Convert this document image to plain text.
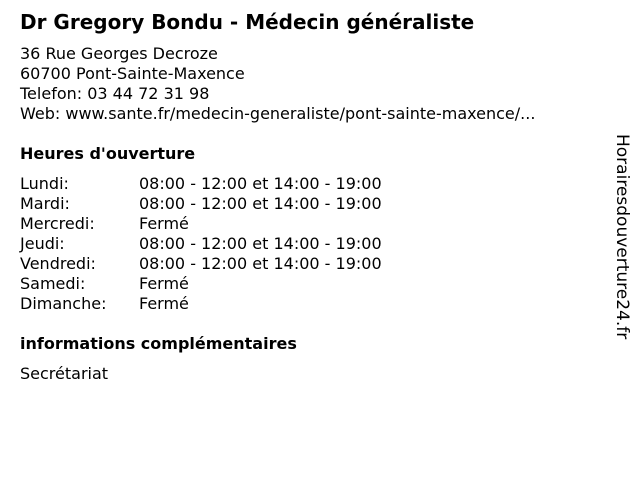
Dr Gregory Bondu - Médecin généraliste
36 Rue Georges Decroze
60700 Pont-Sainte-Maxence
Telefon: 03 44 72 31 98
Web: www.sante.fr/medecin-generaliste/pont-sainte-maxence/...
Heures d'ouverture
Lundi:	08:00 - 12:00 et 14:00 - 19:00
Mardi:	08:00 - 12:00 et 14:00 - 19:00
Mercredi:	Fermé
Jeudi:	08:00 - 12:00 et 14:00 - 19:00
Vendredi:	08:00 - 12:00 et 14:00 - 19:00
Samedi:	Fermé
Dimanche: Fermé
informations complémentaires
Secrétariat
Horairesdouverture24.fr
